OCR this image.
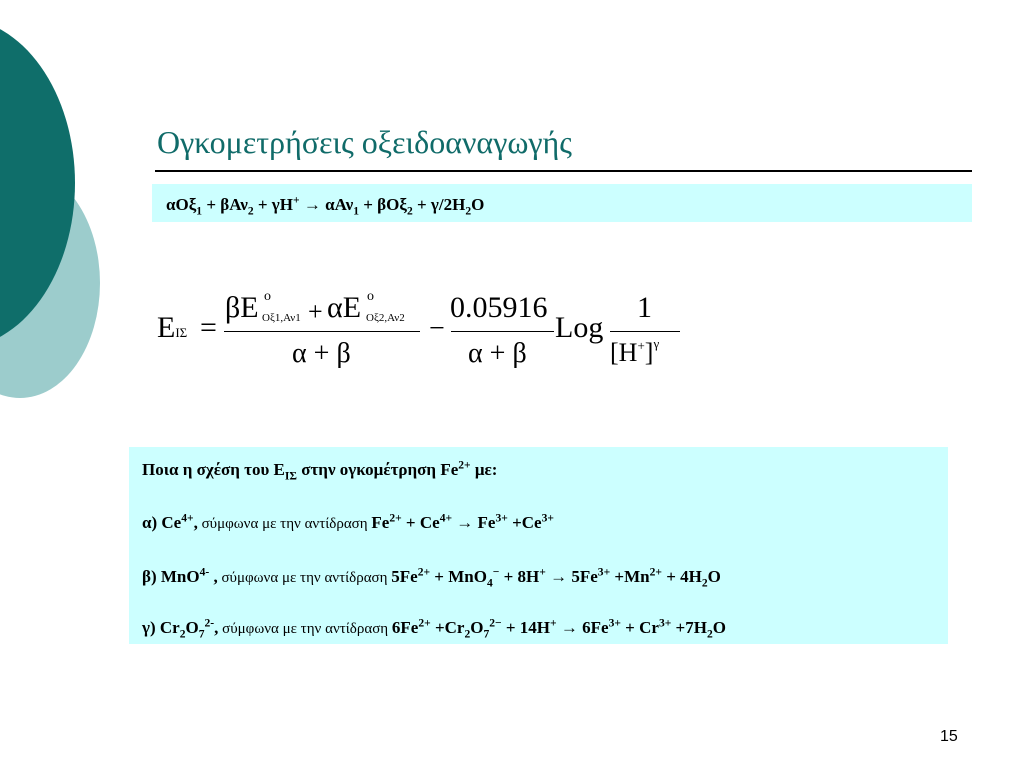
Ογκομετρήσεις οξειδοαναγωγής
$\alpha O\xi_1 + \beta A\nu_2 + \gamma H^+ \to \alpha A\nu_1 + \beta O\xi_2 + \gamma/2H_2O$
EΙΣ =
βE o
Οξ1,Αν1 + αE o
Οξ2,Αν2
α + β
−
0.05916
α + β
Log
1
$[H^+]^\gamma$
Ποια η σχέση του $E_{I\Sigma}$ στην ογκομέτρηση $Fe^{2+}$ με:
α) $Ce^{4+}$, σύμφωνα με την αντίδραση $Fe^{2+} + Ce^{4+} \to Fe^{3+} +Ce^{3+}$
β) MnO$^{4-}$ , σύμφωνα με την αντίδραση $5Fe^{2+} + MnO_4^- + 8H^+ \to 5Fe^{3+} +Mn^{2+} + 4H_2O$
γ) $Cr_2O_7^{2-}$, σύμφωνα με την αντίδραση $6Fe^{2+} +Cr_2O_7^{2-} + 14H^+ \to 6Fe^{3+} + Cr^{3+} +7H_2O$
15
